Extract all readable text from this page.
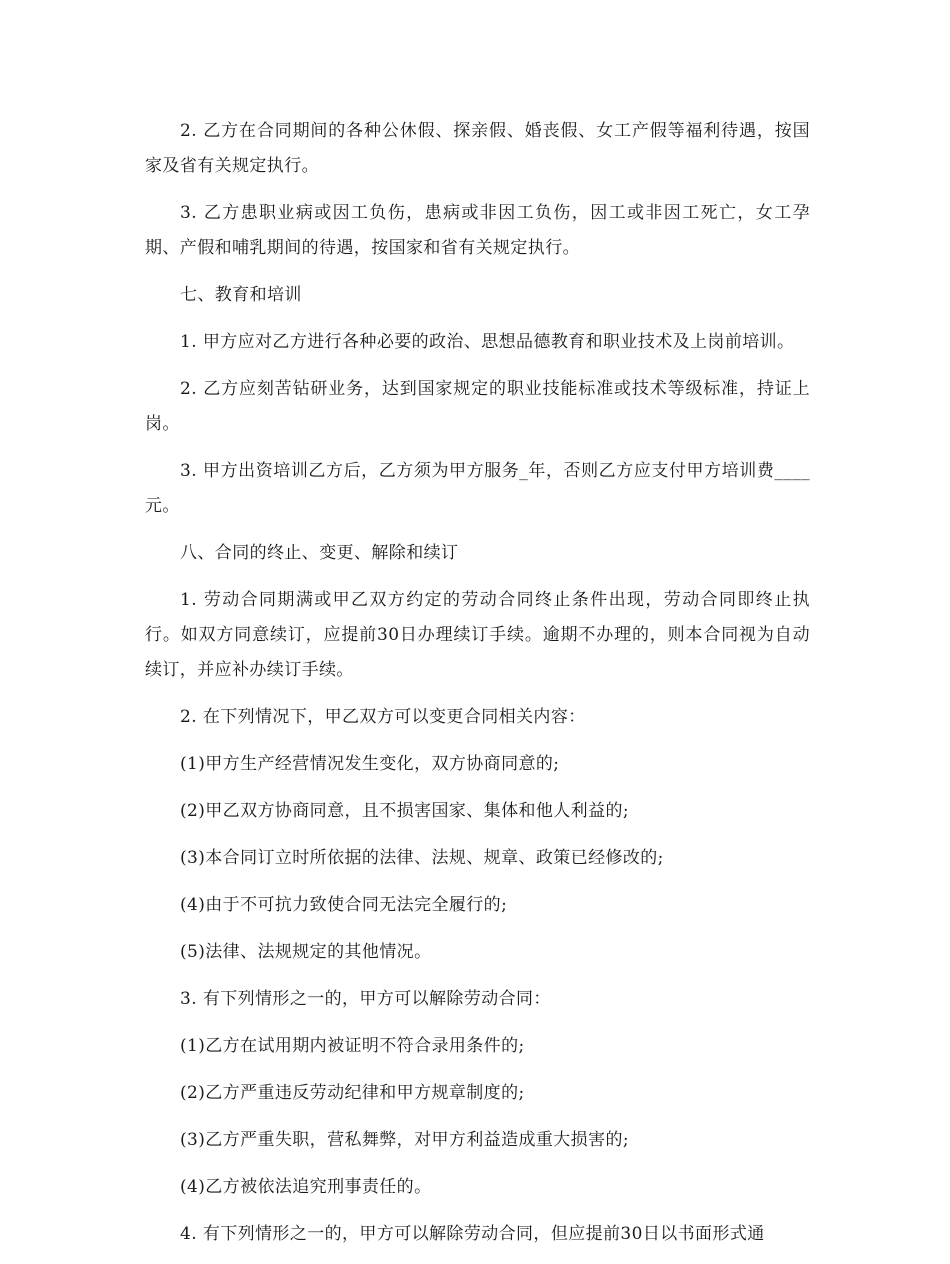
2. 乙方在合同期间的各种公休假、探亲假、婚丧假、女工产假等福利待遇，按国家及省有关规定执行。

3. 乙方患职业病或因工负伤，患病或非因工负伤，因工或非因工死亡，女工孕期、产假和哺乳期间的待遇，按国家和省有关规定执行。

七、教育和培训

1. 甲方应对乙方进行各种必要的政治、思想品德教育和职业技术及上岗前培训。

2. 乙方应刻苦钻研业务，达到国家规定的职业技能标准或技术等级标准，持证上岗。

3. 甲方出资培训乙方后，乙方须为甲方服务_年，否则乙方应支付甲方培训费____元。

八、合同的终止、变更、解除和续订

1. 劳动合同期满或甲乙双方约定的劳动合同终止条件出现，劳动合同即终止执行。如双方同意续订，应提前30日办理续订手续。逾期不办理的，则本合同视为自动续订，并应补办续订手续。

2. 在下列情况下，甲乙双方可以变更合同相关内容：

(1)甲方生产经营情况发生变化，双方协商同意的;

(2)甲乙双方协商同意，且不损害国家、集体和他人利益的;

(3)本合同订立时所依据的法律、法规、规章、政策已经修改的;

(4)由于不可抗力致使合同无法完全履行的;

(5)法律、法规规定的其他情况。

3. 有下列情形之一的，甲方可以解除劳动合同：

(1)乙方在试用期内被证明不符合录用条件的;

(2)乙方严重违反劳动纪律和甲方规章制度的;

(3)乙方严重失职，营私舞弊，对甲方利益造成重大损害的;

(4)乙方被依法追究刑事责任的。

4. 有下列情形之一的，甲方可以解除劳动合同，但应提前30日以书面形式通
